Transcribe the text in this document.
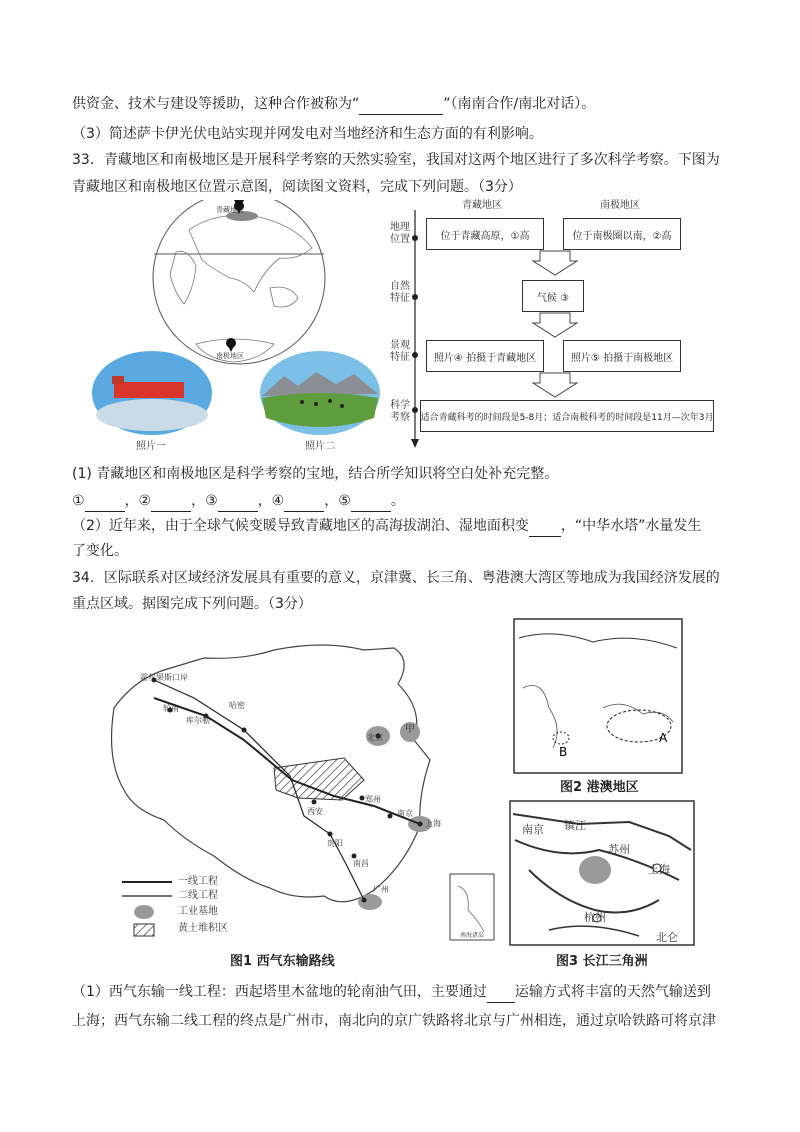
供资金、技术与建设等援助，这种合作被称为“	”（南南合作/南北对话）。
（3）简述萨卡伊光伏电站实现并网发电对当地经济和生态方面的有利影响。
33．青藏地区和南极地区是开展科学考察的天然实验室，我国对这两个地区进行了多次科学考察。下图为
青藏地区和南极地区位置示意图，阅读图文资料，完成下列问题。（3分）
照片一	照片二
青藏地区
南极地区
青藏地区	南极地区
地理位置
自然特征
景观特征
科学考察
位于青藏高原，①高	位于南极圈以南，②高
气候 ③
照片④ 拍摄于青藏地区	照片⑤ 拍摄于南极地区
适合青藏科考的时间段是5-8月；适合南极科考的时间段是11月—次年3月
(1) 青藏地区和南极地区是科学考察的宝地，结合所学知识将空白处补充完整。
①	，②	，③	，④	，⑤	。
（2）近年来，由于全球气候变暖导致青藏地区的高海拔湖泊、湿地面积变 ，“中华水塔”水量发生
了变化。
34．区际联系对区域经济发展具有重要的意义，京津冀、长三角、粤港澳大湾区等地成为我国经济发展的
重点区域。据图完成下列问题。（3分）
霍尔果斯口岸
轮南
库尔勒
哈密
北京
甲
西安
郑州
南京
上海
贵阳
南昌
广州
一线工程
二线工程
工业基地
黄土堆积区
南海诸岛
图1 西气东输路线
A
B
图2 港澳地区
南京	镇江
苏州
上海
杭州
北仑
图3 长江三角洲
（1）西气东输一线工程：西起塔里木盆地的轮南油气田，主要通过 运输方式将丰富的天然气输送到
上海；西气东输二线工程的终点是广州市，南北向的京广铁路将北京与广州相连，通过京哈铁路可将京津
